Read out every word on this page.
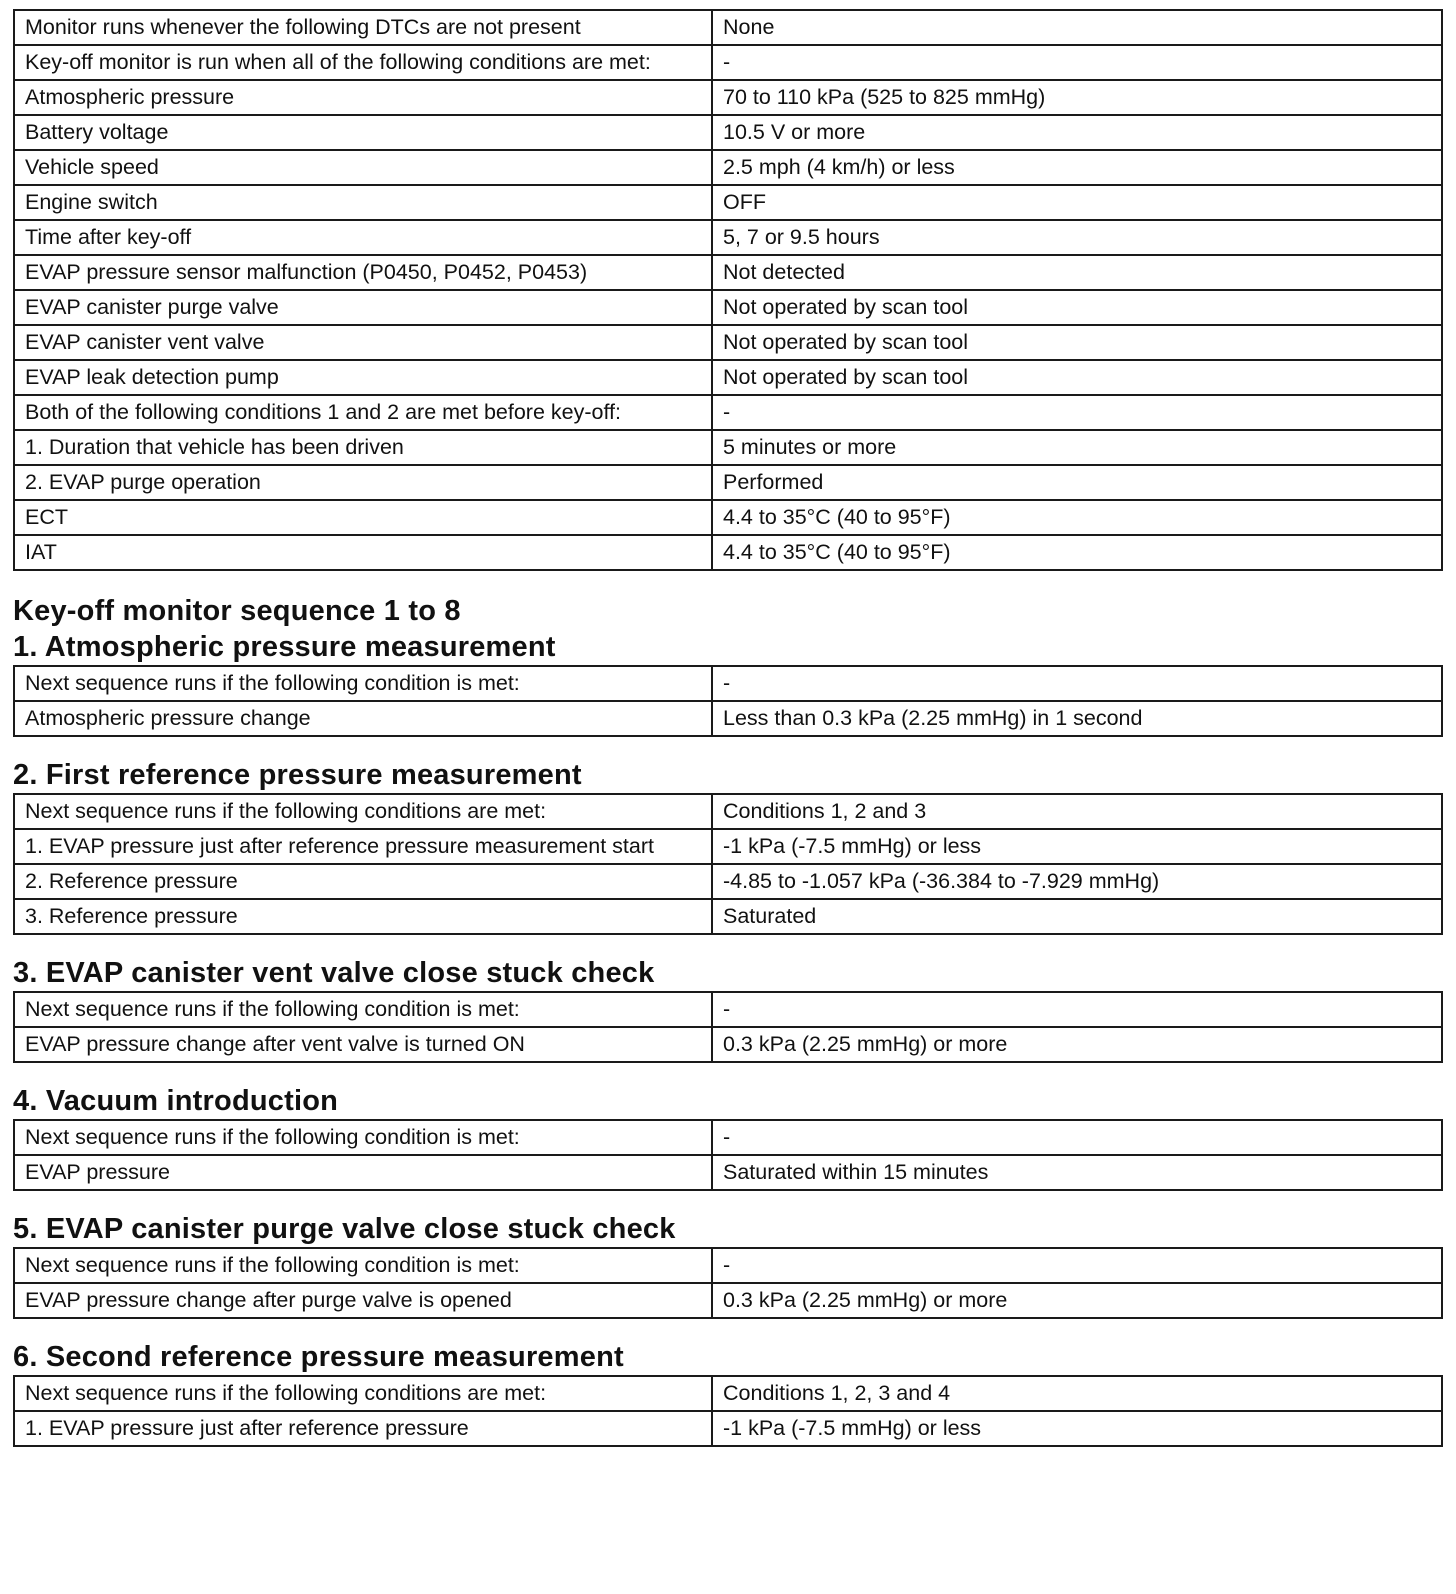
Monitor runs whenever the following DTCs are not present	None
Key-off monitor is run when all of the following conditions are met:	-
Atmospheric pressure	70 to 110 kPa (525 to 825 mmHg)
Battery voltage	10.5 V or more
Vehicle speed	2.5 mph (4 km/h) or less
Engine switch	OFF
Time after key-off	5, 7 or 9.5 hours
EVAP pressure sensor malfunction (P0450, P0452, P0453)	Not detected
EVAP canister purge valve	Not operated by scan tool
EVAP canister vent valve	Not operated by scan tool
EVAP leak detection pump	Not operated by scan tool
Both of the following conditions 1 and 2 are met before key-off:	-
1. Duration that vehicle has been driven	5 minutes or more
2. EVAP purge operation	Performed
ECT	4.4 to 35°C (40 to 95°F)
IAT	4.4 to 35°C (40 to 95°F)
Key-off monitor sequence 1 to 8
1. Atmospheric pressure measurement
Next sequence runs if the following condition is met:	-
Atmospheric pressure change	Less than 0.3 kPa (2.25 mmHg) in 1 second
2. First reference pressure measurement
Next sequence runs if the following conditions are met:	Conditions 1, 2 and 3
1. EVAP pressure just after reference pressure measurement start	-1 kPa (-7.5 mmHg) or less
2. Reference pressure	-4.85 to -1.057 kPa (-36.384 to -7.929 mmHg)
3. Reference pressure	Saturated
3. EVAP canister vent valve close stuck check
Next sequence runs if the following condition is met:	-
EVAP pressure change after vent valve is turned ON	0.3 kPa (2.25 mmHg) or more
4. Vacuum introduction
Next sequence runs if the following condition is met:	-
EVAP pressure	Saturated within 15 minutes
5. EVAP canister purge valve close stuck check
Next sequence runs if the following condition is met:	-
EVAP pressure change after purge valve is opened	0.3 kPa (2.25 mmHg) or more
6. Second reference pressure measurement
Next sequence runs if the following conditions are met:	Conditions 1, 2, 3 and 4
1. EVAP pressure just after reference pressure	-1 kPa (-7.5 mmHg) or less
